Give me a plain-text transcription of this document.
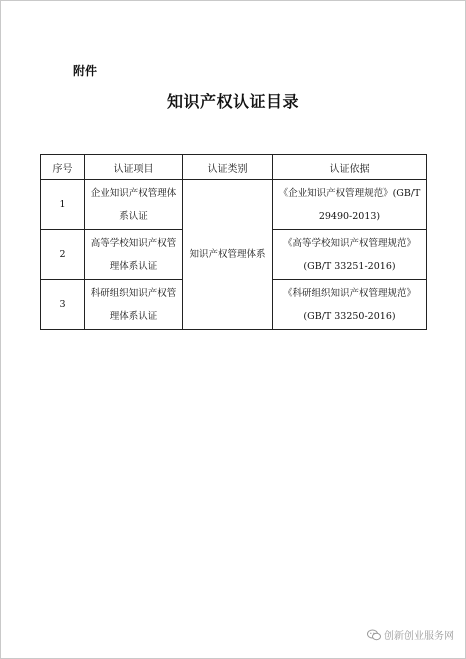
附件
知识产权认证目录
序号	认证项目	认证类别	认证依据
1	企业知识产权管理体系认证	知识产权管理体系	《企业知识产权管理规范》(GB/T 29490-2013)
2	高等学校知识产权管理体系认证		《高等学校知识产权管理规范》(GB/T 33251-2016)
3	科研组织知识产权管理体系认证		《科研组织知识产权管理规范》(GB/T 33250-2016)
创新创业服务网
